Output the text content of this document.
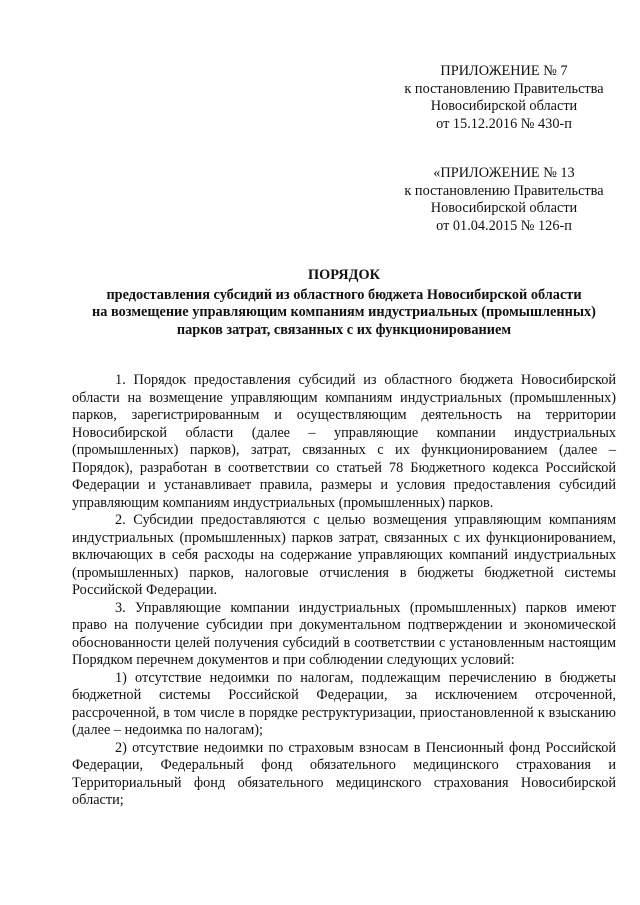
ПРИЛОЖЕНИЕ № 7
к постановлению Правительства
Новосибирской области
от 15.12.2016 № 430-п
«ПРИЛОЖЕНИЕ № 13
к постановлению Правительства
Новосибирской области
от 01.04.2015 № 126-п
ПОРЯДОК
предоставления субсидий из областного бюджета Новосибирской области
на возмещение управляющим компаниям индустриальных (промышленных)
парков затрат, связанных с их функционированием

1. Порядок предоставления субсидий из областного бюджета Новосибирской области на возмещение управляющим компаниям индустриальных (промышленных) парков, зарегистрированным и осуществляющим деятельность на территории Новосибирской области (далее – управляющие компании индустриальных (промышленных) парков), затрат, связанных с их функционированием (далее – Порядок), разработан в соответствии со статьей 78 Бюджетного кодекса Российской Федерации и устанавливает правила, размеры и условия предоставления субсидий управляющим компаниям индустриальных (промышленных) парков.

2. Субсидии предоставляются с целью возмещения управляющим компаниям индустриальных (промышленных) парков затрат, связанных с их функционированием, включающих в себя расходы на содержание управляющих компаний индустриальных (промышленных) парков, налоговые отчисления в бюджеты бюджетной системы Российской Федерации.

3. Управляющие компании индустриальных (промышленных) парков имеют право на получение субсидии при документальном подтверждении и экономической обоснованности целей получения субсидий в соответствии с установленным настоящим Порядком перечнем документов и при соблюдении следующих условий:

1) отсутствие недоимки по налогам, подлежащим перечислению в бюджеты бюджетной системы Российской Федерации, за исключением отсроченной, рассроченной, в том числе в порядке реструктуризации, приостановленной к взысканию (далее – недоимка по налогам);

2) отсутствие недоимки по страховым взносам в Пенсионный фонд Российской Федерации, Федеральный фонд обязательного медицинского страхования и Территориальный фонд обязательного медицинского страхования Новосибирской области;
